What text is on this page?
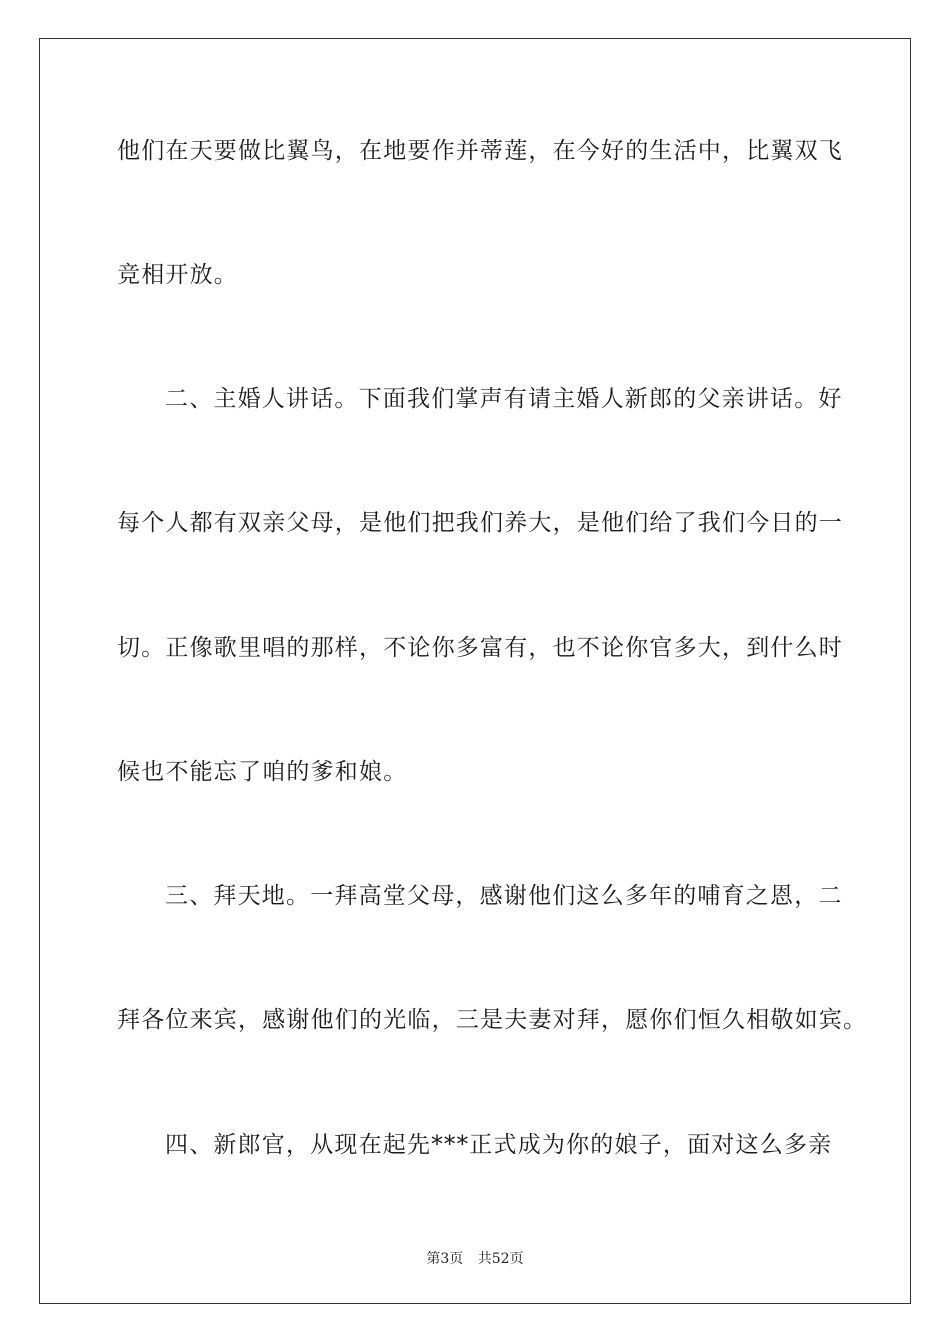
他们在天要做比翼鸟，在地要作并蒂莲，在今好的生活中，比翼双飞
竞相开放。
二、主婚人讲话。下面我们掌声有请主婚人新郎的父亲讲话。好
每个人都有双亲父母，是他们把我们养大，是他们给了我们今日的一
切。正像歌里唱的那样，不论你多富有，也不论你官多大，到什么时
候也不能忘了咱的爹和娘。
三、拜天地。一拜高堂父母，感谢他们这么多年的哺育之恩，二
拜各位来宾，感谢他们的光临，三是夫妻对拜，愿你们恒久相敬如宾。
四、新郎官，从现在起先***正式成为你的娘子，面对这么多亲
第3页 共52页
